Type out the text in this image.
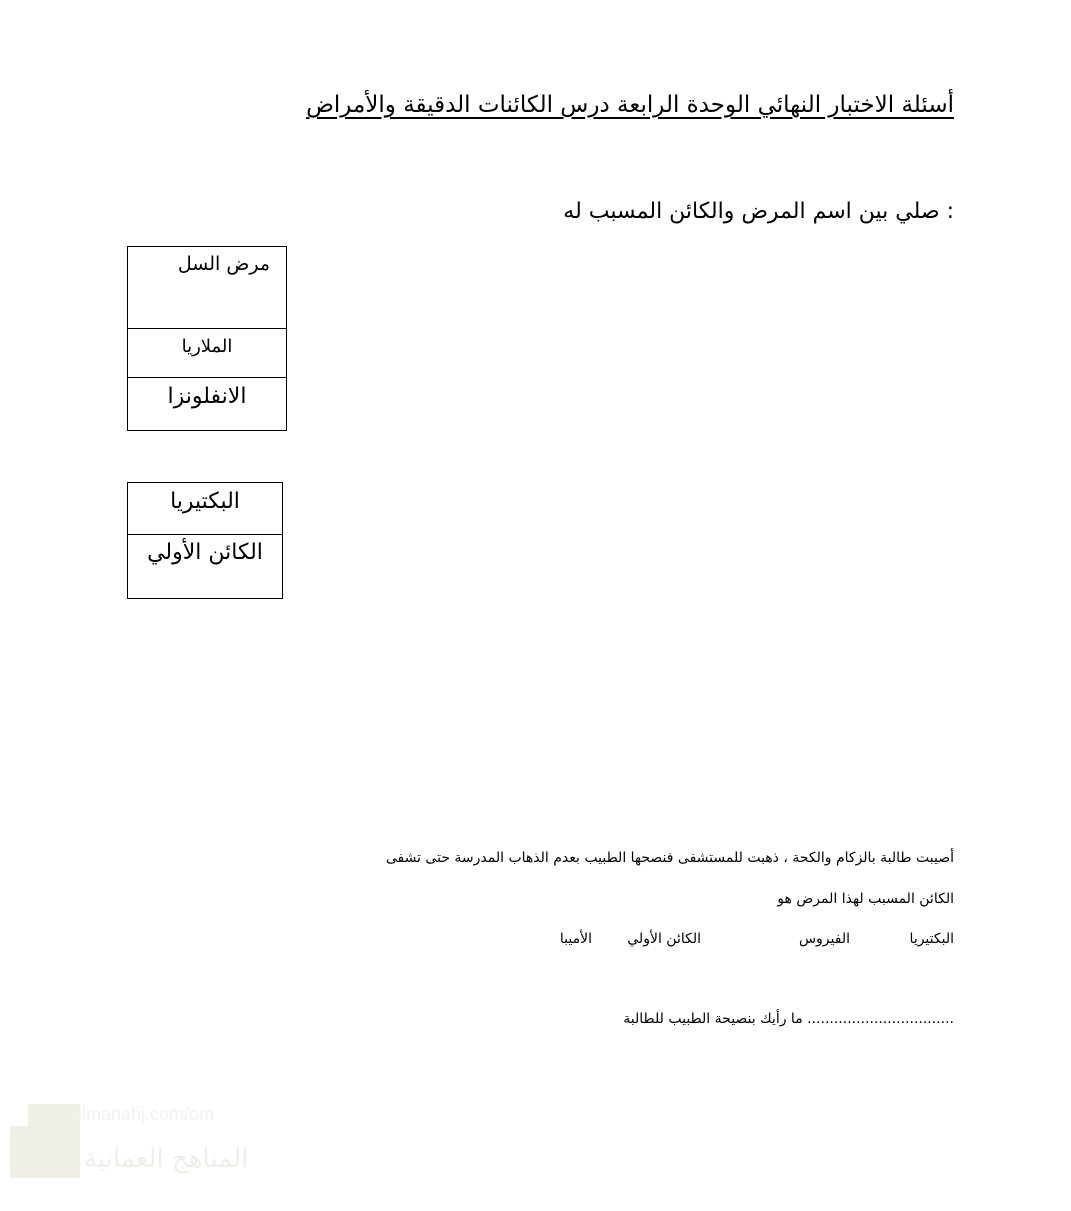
أسئلة الاختبار النهائي الوحدة الرابعة درس الكائنات الدقيقة والأمراض
: صلي بين اسم المرض والكائن المسبب له
مرض السل
الملاريا
الانفلونزا
البكتيريا
الكائن الأولي
أصيبت طالبة بالزكام والكحة ، ذهبت للمستشفى فنصحها الطبيب بعدم الذهاب المدرسة حتى تشفى
الكائن المسبب لهذا المرض هو
البكتيريا
الفيروس
الكائن الأولي
الأميبا
................................. ما رأيك بنصيحة الطبيب للطالبة
almanahj.com/om
المناهج العمانية
